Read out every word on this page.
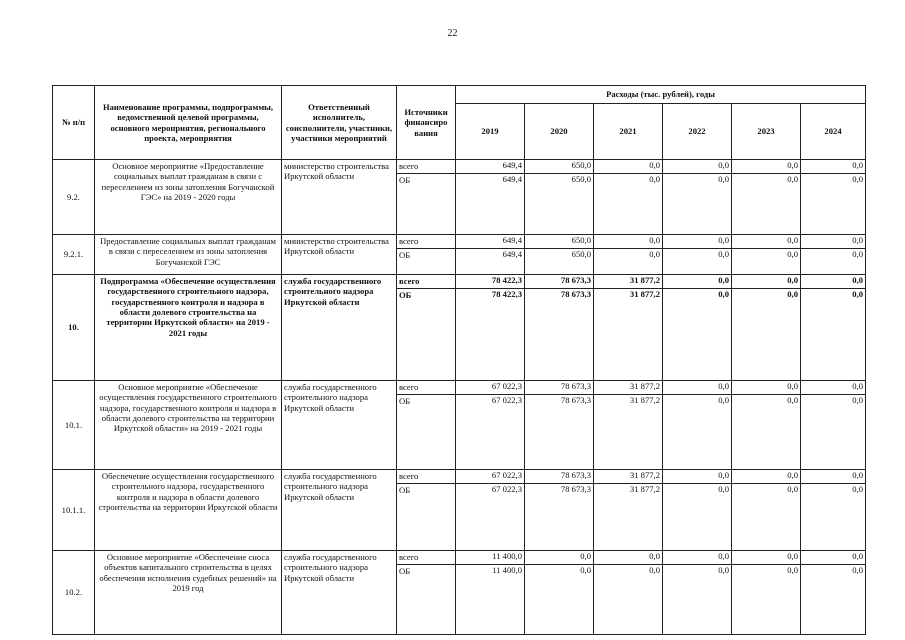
22
№ п/п	Наименование программы, подпрограммы, ведомственной целевой программы, основного мероприятия, регионального проекта, мероприятия	Ответственный исполнитель, соисполнители, участники, участники мероприятий	Источники финансиро вания	Расходы (тыс. рублей), годы					
				2019	2020	2021	2022	2023	2024
9.2.	Основное мероприятие «Предоставление социальных выплат гражданам в связи с переселением из зоны затопления Богучанской ГЭС» на 2019 - 2020 годы	министерство строительства Иркутской области	всего	649,4	650,0	0,0	0,0	0,0	0,0
			ОБ	649,4	650,0	0,0	0,0	0,0	0,0
9.2.1.	Предоставление социальных выплат гражданам в связи с переселением из зоны затопления Богучанской ГЭС	министерство строительства Иркутской области	всего	649,4	650,0	0,0	0,0	0,0	0,0
			ОБ	649,4	650,0	0,0	0,0	0,0	0,0
10.	Подпрограмма «Обеспечение осуществления государственного строительного надзора, государственного контроля и надзора в области долевого строительства на территории Иркутской области» на 2019 - 2021 годы	служба государственного строительного надзора Иркутской области	всего	78 422,3	78 673,3	31 877,2	0,0	0,0	0,0
			ОБ	78 422,3	78 673,3	31 877,2	0,0	0,0	0,0
10.1.	Основное мероприятие «Обеспечение осуществления государственного строительного надзора, государственного контроля и надзора в области долевого строительства на территории Иркутской области» на 2019 - 2021 годы	служба государственного строительного надзора Иркутской области	всего	67 022,3	78 673,3	31 877,2	0,0	0,0	0,0
			ОБ	67 022,3	78 673,3	31 877,2	0,0	0,0	0,0
10.1.1.	Обеспечение осуществления государственного строительного надзора, государственного контроля и надзора в области долевого строительства на территории Иркутской области	служба государственного строительного надзора Иркутской области	всего	67 022,3	78 673,3	31 877,2	0,0	0,0	0,0
			ОБ	67 022,3	78 673,3	31 877,2	0,0	0,0	0,0
10.2.	Основное мероприятие «Обеспечение сноса объектов капитального строительства в целях обеспечения исполнения судебных решений» на 2019 год	служба государственного строительного надзора Иркутской области	всего	11 400,0	0,0	0,0	0,0	0,0	0,0
			ОБ	11 400,0	0,0	0,0	0,0	0,0	0,0
